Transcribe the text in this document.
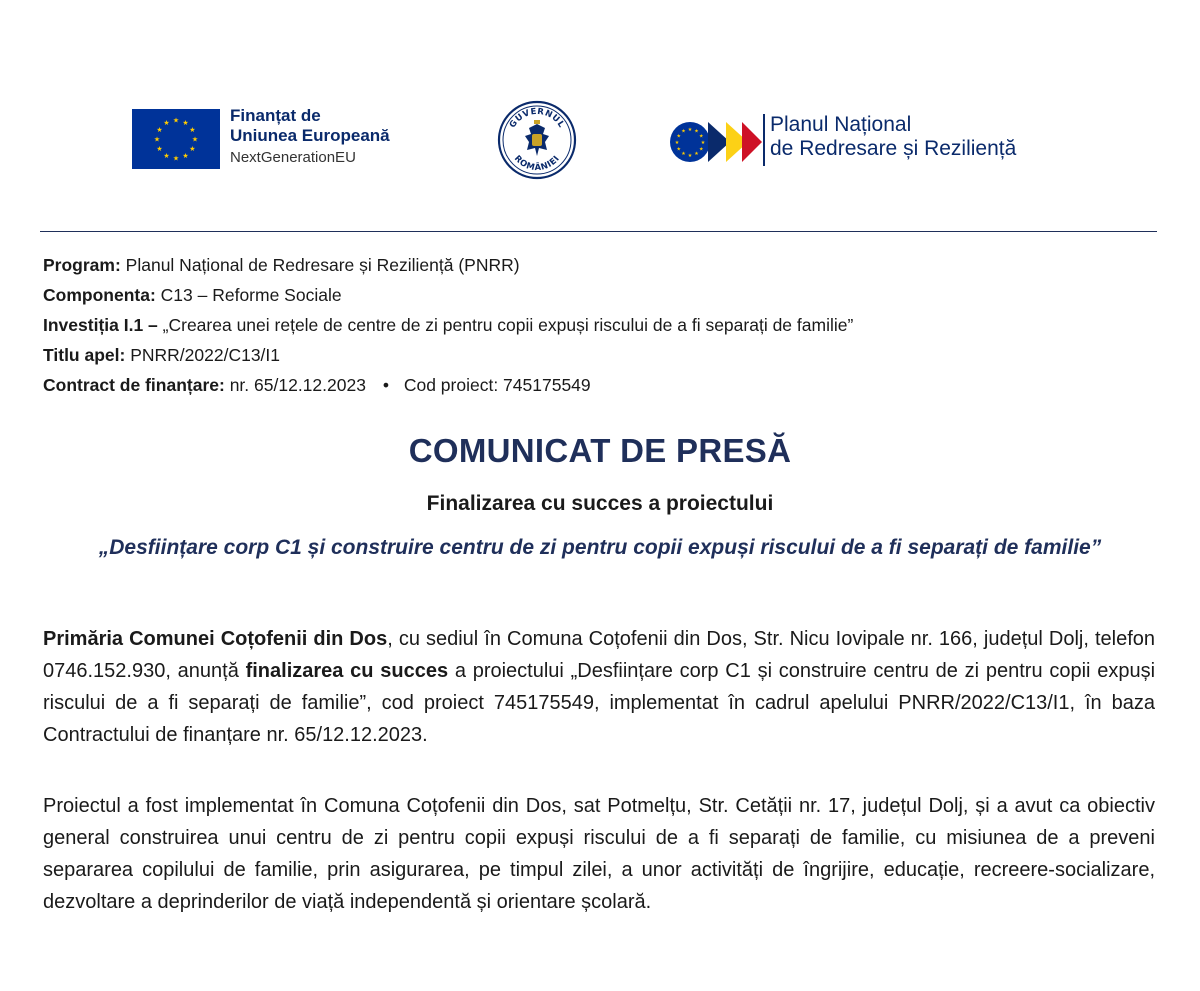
★ ★
★
★
★
★
★
★
★
★
★
★	Finanțat de
Uniunea Europeană
NextGenerationEU
GUVERNUL
ROMÂNIEI
★ ★
★
★
★
★
★
★
★
★
★
★	Planul Național
de Redresare și Reziliență
Program: Planul Național de Redresare și Reziliență (PNRR)
Componenta: C13 – Reforme Sociale
Investiția I.1 – „Crearea unei rețele de centre de zi pentru copii expuși riscului de a fi separați de familie”
Titlu apel: PNRR/2022/C13/I1
Contract de finanțare: nr. 65/12.12.2023 • Cod proiect: 745175549
COMUNICAT DE PRESĂ
Finalizarea cu succes a proiectului
„Desființare corp C1 și construire centru de zi pentru copii expuși riscului de a fi separați de familie”
Primăria Comunei Coțofenii din Dos, cu sediul în Comuna Coțofenii din Dos, Str. Nicu Iovipale nr. 166, județul Dolj, telefon 0746.152.930, anunță finalizarea cu succes a proiectului „Desființare corp C1 și construire centru de zi pentru copii expuși riscului de a fi separați de familie”, cod proiect 745175549, implementat în cadrul apelului PNRR/2022/C13/I1, în baza Contractului de finanțare nr. 65/12.12.2023.
Proiectul a fost implementat în Comuna Coțofenii din Dos, sat Potmelțu, Str. Cetății nr. 17, județul Dolj, și a avut ca obiectiv general construirea unui centru de zi pentru copii expuși riscului de a fi separați de familie, cu misiunea de a preveni separarea copilului de familie, prin asigurarea, pe timpul zilei, a unor activități de îngrijire, educație, recreere-socializare, dezvoltare a deprinderilor de viață independentă și orientare școlară.
